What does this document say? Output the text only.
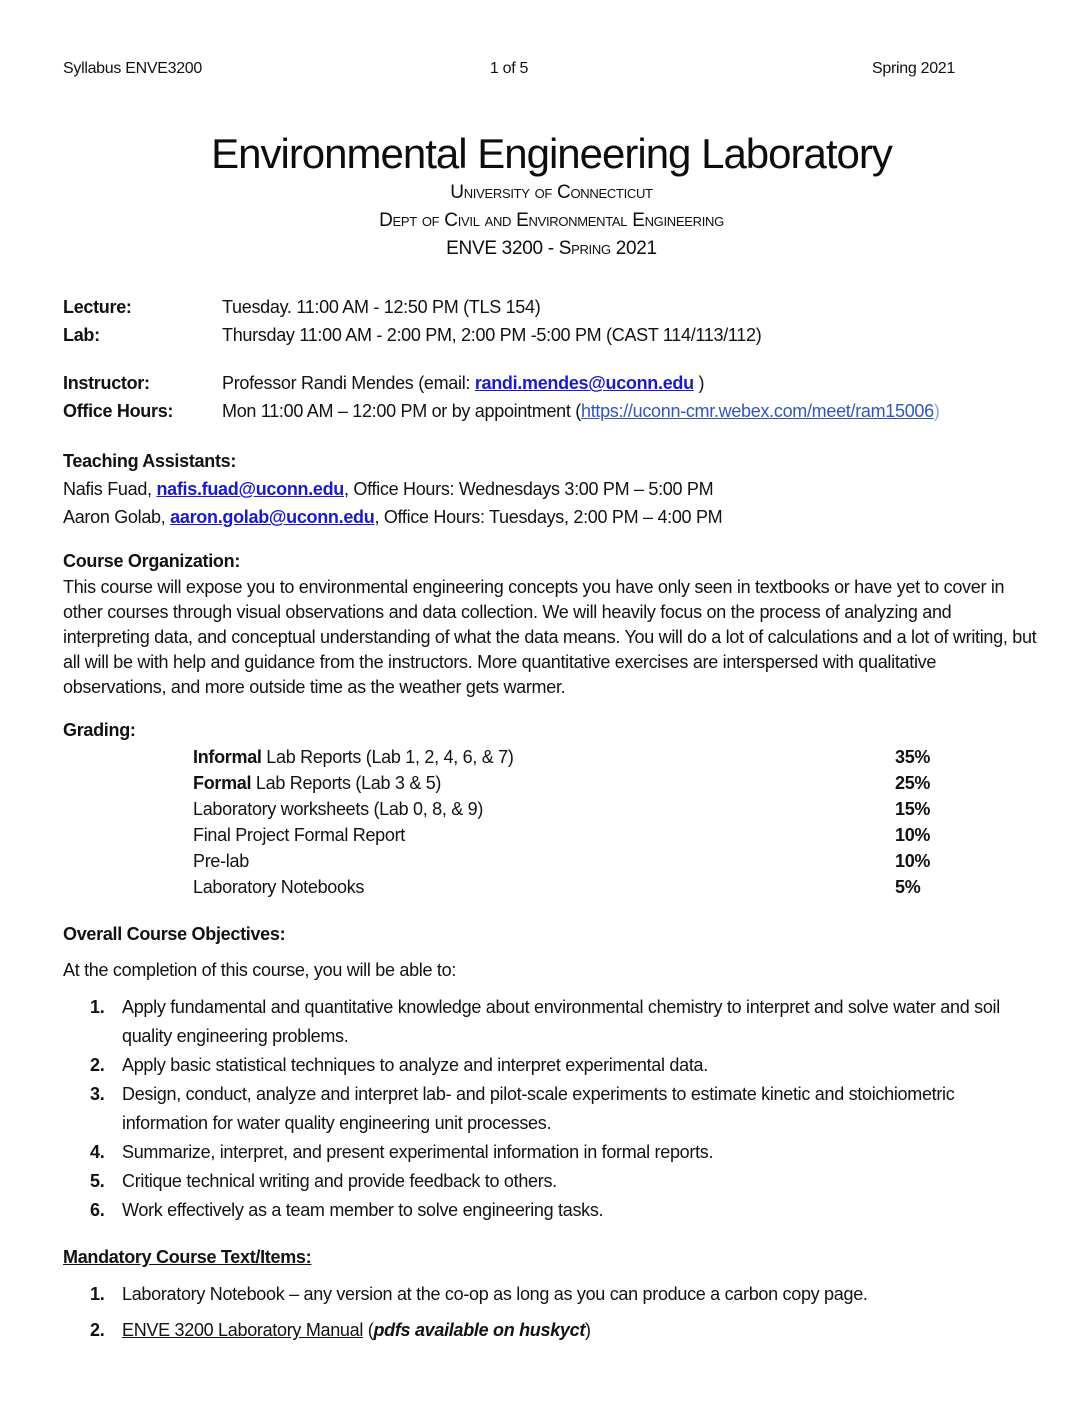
Syllabus ENVE3200	1 of 5	Spring 2021
Environmental Engineering Laboratory
University of Connecticut
Dept of Civil and Environmental Engineering
ENVE 3200 - Spring 2021
Lecture:	Tuesday. 11:00 AM - 12:50 PM (TLS 154)
Lab:	Thursday 11:00 AM - 2:00 PM, 2:00 PM -5:00 PM (CAST 114/113/112)
Instructor:	Professor Randi Mendes (email: randi.mendes@uconn.edu )
Office Hours:	Mon 11:00 AM – 12:00 PM or by appointment (https://uconn-cmr.webex.com/meet/ram15006)
Teaching Assistants:
Nafis Fuad, nafis.fuad@uconn.edu, Office Hours: Wednesdays 3:00 PM – 5:00 PM
Aaron Golab, aaron.golab@uconn.edu, Office Hours: Tuesdays, 2:00 PM – 4:00 PM
Course Organization:

This course will expose you to environmental engineering concepts you have only seen in textbooks or have yet to cover in other courses through visual observations and data collection. We will heavily focus on the process of analyzing and interpreting data, and conceptual understanding of what the data means. You will do a lot of calculations and a lot of writing, but all will be with help and guidance from the instructors. More quantitative exercises are interspersed with qualitative observations, and more outside time as the weather gets warmer.

Grading:
Informal Lab Reports (Lab 1, 2, 4, 6, & 7)	35%
Formal Lab Reports (Lab 3 & 5)	25%
Laboratory worksheets (Lab 0, 8, & 9)	15%
Final Project Formal Report	10%
Pre-lab	10%
Laboratory Notebooks	5%
Overall Course Objectives:
At the completion of this course, you will be able to:
1. Apply fundamental and quantitative knowledge about environmental chemistry to interpret and solve water and soil quality engineering problems.
2. Apply basic statistical techniques to analyze and interpret experimental data.
3. Design, conduct, analyze and interpret lab- and pilot-scale experiments to estimate kinetic and stoichiometric information for water quality engineering unit processes.
4. Summarize, interpret, and present experimental information in formal reports.
5. Critique technical writing and provide feedback to others.
6. Work effectively as a team member to solve engineering tasks.
Mandatory Course Text/Items:
1. Laboratory Notebook – any version at the co-op as long as you can produce a carbon copy page.
2. ENVE 3200 Laboratory Manual (pdfs available on huskyct)
